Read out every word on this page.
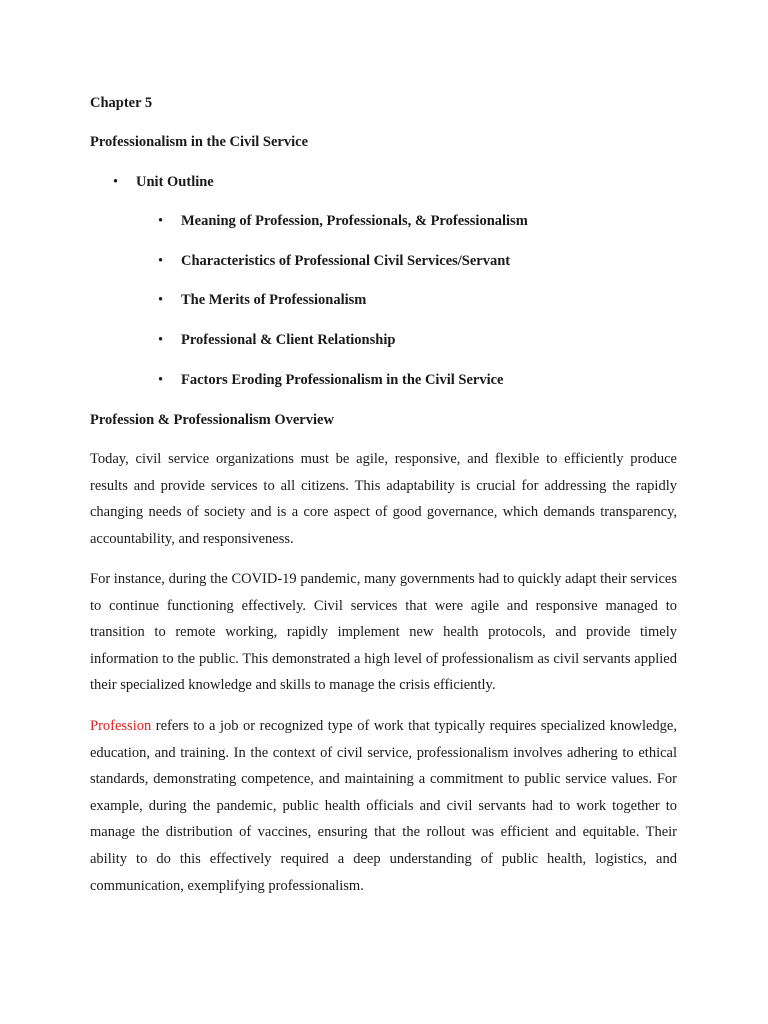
Chapter 5
Professionalism in the Civil Service
• Unit Outline
• Meaning of Profession, Professionals, & Professionalism
• Characteristics of Professional Civil Services/Servant
• The Merits of Professionalism
• Professional & Client Relationship
• Factors Eroding Professionalism in the Civil Service
Profession & Professionalism Overview

Today, civil service organizations must be agile, responsive, and flexible to efficiently produce results and provide services to all citizens. This adaptability is crucial for addressing the rapidly changing needs of society and is a core aspect of good governance, which demands transparency, accountability, and responsiveness.

For instance, during the COVID-19 pandemic, many governments had to quickly adapt their services to continue functioning effectively. Civil services that were agile and responsive managed to transition to remote working, rapidly implement new health protocols, and provide timely information to the public. This demonstrated a high level of professionalism as civil servants applied their specialized knowledge and skills to manage the crisis efficiently.

Profession refers to a job or recognized type of work that typically requires specialized knowledge, education, and training. In the context of civil service, professionalism involves adhering to ethical standards, demonstrating competence, and maintaining a commitment to public service values. For example, during the pandemic, public health officials and civil servants had to work together to manage the distribution of vaccines, ensuring that the rollout was efficient and equitable. Their ability to do this effectively required a deep understanding of public health, logistics, and communication, exemplifying professionalism.
